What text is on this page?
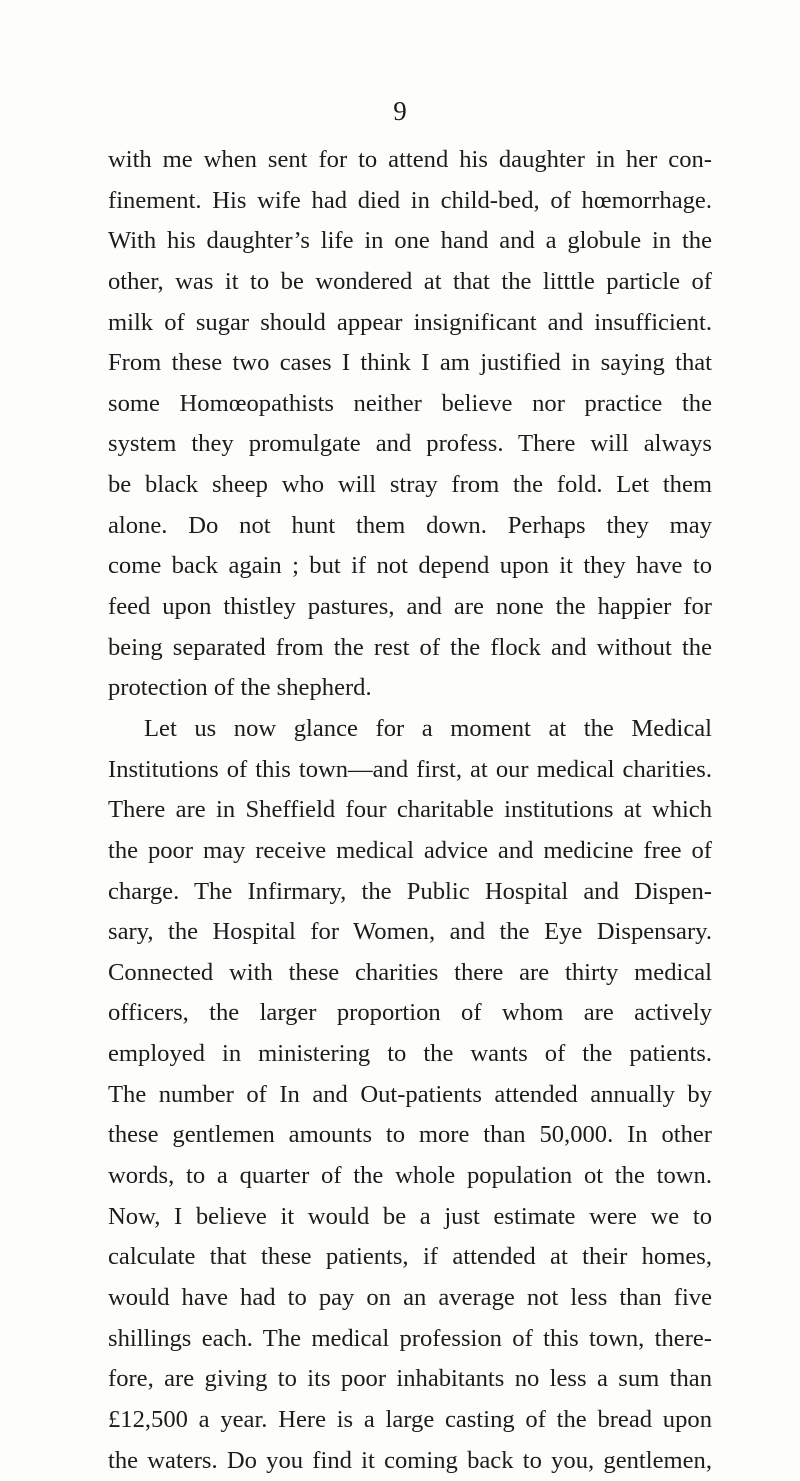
9
with me when sent for to attend his daughter in her con-
finement. His wife had died in child-bed, of hœmorrhage.
With his daughter’s life in one hand and a globule in the
other, was it to be wondered at that the litttle particle of
milk of sugar should appear insignificant and insufficient.
From these two cases I think I am justified in saying that
some Homœopathists neither believe nor practice the
system they promulgate and profess. There will always
be black sheep who will stray from the fold. Let them
alone. Do not hunt them down. Perhaps they may
come back again ; but if not depend upon it they have to
feed upon thistley pastures, and are none the happier for
being separated from the rest of the flock and without the
protection of the shepherd.
Let us now glance for a moment at the Medical
Institutions of this town—and first, at our medical charities.
There are in Sheffield four charitable institutions at which
the poor may receive medical advice and medicine free of
charge. The Infirmary, the Public Hospital and Dispen-
sary, the Hospital for Women, and the Eye Dispensary.
Connected with these charities there are thirty medical
officers, the larger proportion of whom are actively
employed in ministering to the wants of the patients.
The number of In and Out-patients attended annually by
these gentlemen amounts to more than 50,000. In other
words, to a quarter of the whole population ot the town.
Now, I believe it would be a just estimate were we to
calculate that these patients, if attended at their homes,
would have had to pay on an average not less than five
shillings each. The medical profession of this town, there-
fore, are giving to its poor inhabitants no less a sum than
£12,500 a year. Here is a large casting of the bread upon
the waters. Do you find it coming back to you, gentlemen,
